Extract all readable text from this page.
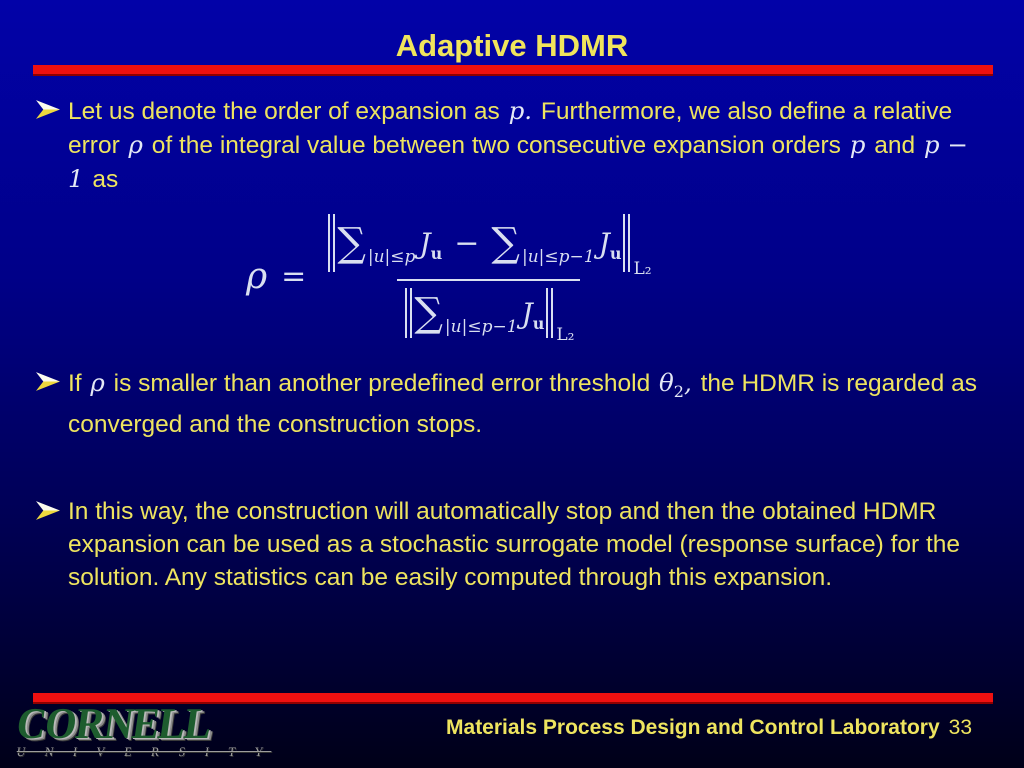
Adaptive HDMR
Let us denote the order of expansion as p. Furthermore, we also define a relative error ρ of the integral value between two consecutive expansion orders p and p − 1 as
ρ =
∑ |u|≤p J u − ∑ |u|≤p−1 J u
L₂
∑ |u|≤p−1 J u
L₂
If ρ is smaller than another predefined error threshold $\theta_2$, the HDMR is regarded as converged and the construction stops.
In this way, the construction will automatically stop and then the obtained HDMR expansion can be used as a stochastic surrogate model (response surface) for the solution. Any statistics can be easily computed through this expansion.
CORNELL
U N I V E R S I T Y
Materials Process Design and Control Laboratory 33
